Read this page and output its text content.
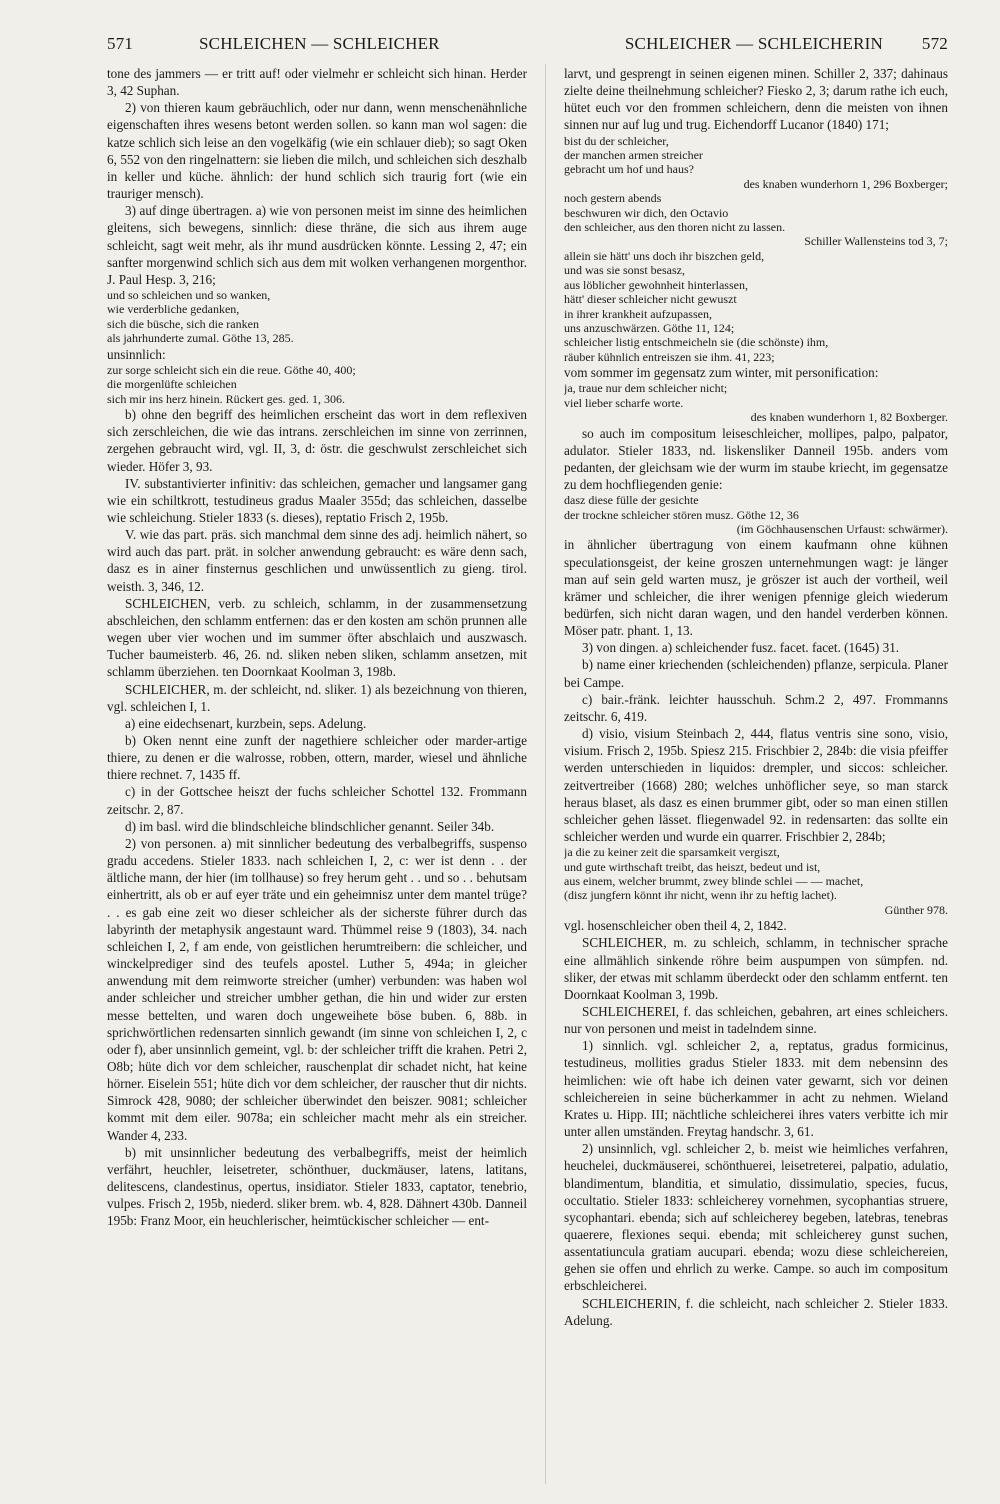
571	SCHLEICHEN — SCHLEICHER	SCHLEICHER — SCHLEICHERIN 572

tone des jammers — er tritt auf! oder vielmehr er schleicht sich hinan. Herder 3, 42 Suphan.

2) von thieren kaum gebräuchlich, oder nur dann, wenn menschenähnliche eigenschaften ihres wesens betont werden sollen. so kann man wol sagen: die katze schlich sich leise an den vogelkäfig (wie ein schlauer dieb); so sagt Oken 6, 552 von den ringelnattern: sie lieben die milch, und schleichen sich deszhalb in keller und küche. ähnlich: der hund schlich sich traurig fort (wie ein trauriger mensch).

3) auf dinge übertragen. a) wie von personen meist im sinne des heimlichen gleitens, sich bewegens, sinnlich: diese thräne, die sich aus ihrem auge schleicht, sagt weit mehr, als ihr mund ausdrücken könnte. Lessing 2, 47; ein sanfter morgenwind schlich sich aus dem mit wolken verhangenen morgenthor. J. Paul Hesp. 3, 216;

und so schleichen und so wanken,

wie verderbliche gedanken,

sich die büsche, sich die ranken

als jahrhunderte zumal. Göthe 13, 285.

unsinnlich:

zur sorge schleicht sich ein die reue. Göthe 40, 400;

die morgenlüfte schleichen

sich mir ins herz hinein. Rückert ges. ged. 1, 306.

b) ohne den begriff des heimlichen erscheint das wort in dem reflexiven sich zerschleichen, die wie das intrans. zerschleichen im sinne von zerrinnen, zergehen gebraucht wird, vgl. II, 3, d: östr. die geschwulst zerschleichet sich wieder. Höfer 3, 93.

IV. substantivierter infinitiv: das schleichen, gemacher und langsamer gang wie ein schiltkrott, testudineus gradus Maaler 355d; das schleichen, dasselbe wie schleichung. Stieler 1833 (s. dieses), reptatio Frisch 2, 195b.

V. wie das part. präs. sich manchmal dem sinne des adj. heimlich nähert, so wird auch das part. prät. in solcher anwendung gebraucht: es wäre denn sach, dasz es in ainer finsternus geschlichen und unwüssentlich zu gieng. tirol. weisth. 3, 346, 12.

SCHLEICHEN, verb. zu schleich, schlamm, in der zusammensetzung abschleichen, den schlamm entfernen: das er den kosten am schön prunnen alle wegen uber vier wochen und im summer öfter abschlaich und auszwasch. Tucher baumeisterb. 46, 26. nd. sliken neben sliken, schlamm ansetzen, mit schlamm überziehen. ten Doornkaat Koolman 3, 198b.

SCHLEICHER, m. der schleicht, nd. sliker. 1) als bezeichnung von thieren, vgl. schleichen I, 1.

a) eine eidechsenart, kurzbein, seps. Adelung.

b) Oken nennt eine zunft der nagethiere schleicher oder marder-artige thiere, zu denen er die walrosse, robben, ottern, marder, wiesel und ähnliche thiere rechnet. 7, 1435 ff.

c) in der Gottschee heiszt der fuchs schleicher Schottel 132. Frommann zeitschr. 2, 87.

d) im basl. wird die blindschleiche blindschlicher genannt. Seiler 34b.

2) von personen. a) mit sinnlicher bedeutung des verbalbegriffs, suspenso gradu accedens. Stieler 1833. nach schleichen I, 2, c: wer ist denn . . der ältliche mann, der hier (im tollhause) so frey herum geht . . und so . . behutsam einhertritt, als ob er auf eyer träte und ein geheimnisz unter dem mantel trüge? . . es gab eine zeit wo dieser schleicher als der sicherste führer durch das labyrinth der metaphysik angestaunt ward. Thümmel reise 9 (1803), 34. nach schleichen I, 2, f am ende, von geistlichen herumtreibern: die schleicher, und winckelprediger sind des teufels apostel. Luther 5, 494a; in gleicher anwendung mit dem reimworte streicher (umher) verbunden: was haben wol ander schleicher und streicher umbher gethan, die hin und wider zur ersten messe bettelten, und waren doch ungeweihete böse buben. 6, 88b. in sprichwörtlichen redensarten sinnlich gewandt (im sinne von schleichen I, 2, c oder f), aber unsinnlich gemeint, vgl. b: der schleicher trifft die krahen. Petri 2, O8b; hüte dich vor dem schleicher, rauschenplat dir schadet nicht, hat keine hörner. Eiselein 551; hüte dich vor dem schleicher, der rauscher thut dir nichts. Simrock 428, 9080; der schleicher überwindet den beiszer. 9081; schleicher kommt mit dem eiler. 9078a; ein schleicher macht mehr als ein streicher. Wander 4, 233.

b) mit unsinnlicher bedeutung des verbalbegriffs, meist der heimlich verfährt, heuchler, leisetreter, schönthuer, duckmäuser, latens, latitans, delitescens, clandestinus, opertus, insidiator. Stieler 1833, captator, tenebrio, vulpes. Frisch 2, 195b, niederd. sliker brem. wb. 4, 828. Dähnert 430b. Danneil 195b: Franz Moor, ein heuchlerischer, heimtückischer schleicher — ent-

larvt, und gesprengt in seinen eigenen minen. Schiller 2, 337; dahinaus zielte deine theilnehmung schleicher? Fiesko 2, 3; darum rathe ich euch, hütet euch vor den frommen schleichern, denn die meisten von ihnen sinnen nur auf lug und trug. Eichendorff Lucanor (1840) 171;

bist du der schleicher,

der manchen armen streicher

gebracht um hof und haus?

des knaben wunderhorn 1, 296 Boxberger;

noch gestern abends

beschwuren wir dich, den Octavio

den schleicher, aus den thoren nicht zu lassen.

Schiller Wallensteins tod 3, 7;

allein sie hätt' uns doch ihr biszchen geld,

und was sie sonst besasz,

aus löblicher gewohnheit hinterlassen,

hätt' dieser schleicher nicht gewuszt

in ihrer krankheit aufzupassen,

uns anzuschwärzen. Göthe 11, 124;

schleicher listig entschmeicheln sie (die schönste) ihm,

räuber kühnlich entreiszen sie ihm. 41, 223;

vom sommer im gegensatz zum winter, mit personification:

ja, traue nur dem schleicher nicht;

viel lieber scharfe worte.

des knaben wunderhorn 1, 82 Boxberger.

so auch im compositum leiseschleicher, mollipes, palpo, palpator, adulator. Stieler 1833, nd. liskensliker Danneil 195b. anders vom pedanten, der gleichsam wie der wurm im staube kriecht, im gegensatze zu dem hochfliegenden genie:

dasz diese fülle der gesichte

der trockne schleicher stören musz. Göthe 12, 36

(im Göchhausenschen Urfaust: schwärmer).

in ähnlicher übertragung von einem kaufmann ohne kühnen speculationsgeist, der keine groszen unternehmungen wagt: je länger man auf sein geld warten musz, je gröszer ist auch der vortheil, weil krämer und schleicher, die ihrer wenigen pfennige gleich wiederum bedürfen, sich nicht daran wagen, und den handel verderben können. Möser patr. phant. 1, 13.

3) von dingen. a) schleichender fusz. facet. facet. (1645) 31.

b) name einer kriechenden (schleichenden) pflanze, serpicula. Planer bei Campe.

c) bair.-fränk. leichter hausschuh. Schm.2 2, 497. Frommanns zeitschr. 6, 419.

d) visio, visium Steinbach 2, 444, flatus ventris sine sono, visio, visium. Frisch 2, 195b. Spiesz 215. Frischbier 2, 284b: die visia pfeiffer werden unterschieden in liquidos: drempler, und siccos: schleicher. zeitvertreiber (1668) 280; welches unhöflicher seye, so man starck heraus blaset, als dasz es einen brummer gibt, oder so man einen stillen schleicher gehen lässet. fliegenwadel 92. in redensarten: das sollte ein schleicher werden und wurde ein quarrer. Frischbier 2, 284b;

ja die zu keiner zeit die sparsamkeit vergiszt,

und gute wirthschaft treibt, das heiszt, bedeut und ist,

aus einem, welcher brummt, zwey blinde schlei — — machet,

(disz jungfern könnt ihr nicht, wenn ihr zu heftig lachet).

Günther 978.

vgl. hosenschleicher oben theil 4, 2, 1842.

SCHLEICHER, m. zu schleich, schlamm, in technischer sprache eine allmählich sinkende röhre beim auspumpen von sümpfen. nd. sliker, der etwas mit schlamm überdeckt oder den schlamm entfernt. ten Doornkaat Koolman 3, 199b.

SCHLEICHEREI, f. das schleichen, gebahren, art eines schleichers. nur von personen und meist in tadelndem sinne.

1) sinnlich. vgl. schleicher 2, a, reptatus, gradus formicinus, testudineus, mollities gradus Stieler 1833. mit dem nebensinn des heimlichen: wie oft habe ich deinen vater gewarnt, sich vor deinen schleichereien in seine bücherkammer in acht zu nehmen. Wieland Krates u. Hipp. III; nächtliche schleicherei ihres vaters verbitte ich mir unter allen umständen. Freytag handschr. 3, 61.

2) unsinnlich, vgl. schleicher 2, b. meist wie heimliches verfahren, heuchelei, duckmäuserei, schönthuerei, leisetreterei, palpatio, adulatio, blandimentum, blanditia, et simulatio, dissimulatio, species, fucus, occultatio. Stieler 1833: schleicherey vornehmen, sycophantias struere, sycophantari. ebenda; sich auf schleicherey begeben, latebras, tenebras quaerere, flexiones sequi. ebenda; mit schleicherey gunst suchen, assentatiuncula gratiam aucupari. ebenda; wozu diese schleichereien, gehen sie offen und ehrlich zu werke. Campe. so auch im compositum erbschleicherei.

SCHLEICHERIN, f. die schleicht, nach schleicher 2. Stieler 1833. Adelung.
